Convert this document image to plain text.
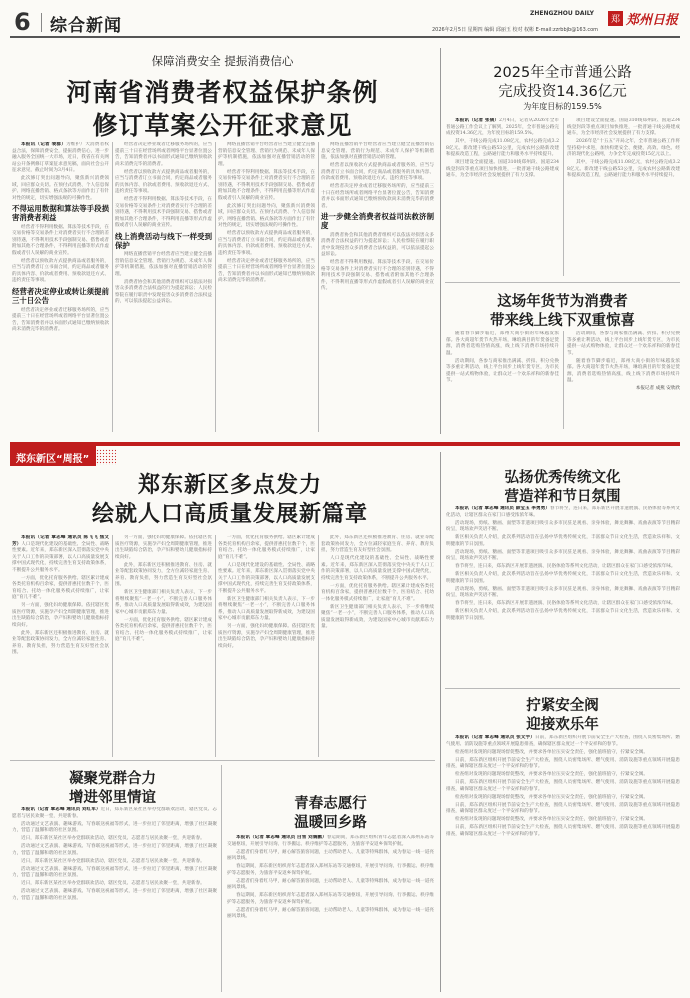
6 综合新闻
ZHENGZHOU DAILY
郑 郑州日报
2026年2月5日 星期四 编辑 邱丽玉 校对 权彬 E-mail:zzrbbjb@163.com
保障消费安全 提振消费信心
河南省消费者权益保护条例
修订草案公开征求意见

本报讯（记者 裴群）为维护广大消费者权益合法，保障消费安全，提振消费信心，进一步融入服务全国统一大市场，近日，我省在有关网站公开条例修订草案征求意见稿，面向社会公开征求意见，截止时间为3月4日。

此次修订突出问题导向，聚焦新兴消费领域，回应群众关切。在预付式消费、个人信息保护、网络直播营销、格式条款等方面作出了有针对性的规定，切实增强法规的可操作性。

不得运用数据和算法等手段损害消费者利益

经营者不得利用数据、算法等技术手段，在交易价格等交易条件上对消费者实行不合理的差别待遇，不得利用技术手段强制交易、搭售或者附加其他不合理条件，不得利用直播等形式作虚假或者引人误解的商业宣传。

经营者以预收款方式提供商品或者服务的，应当与消费者订立书面合同，约定商品或者服务的具体内容、价款或者费用、预收款退还方式、违约责任等事项。

经营者决定停业或转让须提前三十日公告

经营者决定停业或者迁移服务场所的，应当提前三十日在经营场所或者网络平台显著位置公告，告知消费者并以书面形式通知已缴纳预收款尚未消费完毕的消费者。

经营者决定停业或者迁移服务场所的，应当提前三十日在经营场所或者网络平台显著位置公告，告知消费者并以书面形式通知已缴纳预收款尚未消费完毕的消费者。

经营者以预收款方式提供商品或者服务的，应当与消费者订立书面合同，约定商品或者服务的具体内容、价款或者费用、预收款退还方式、违约责任等事项。

经营者不得利用数据、算法等技术手段，在交易价格等交易条件上对消费者实行不合理的差别待遇，不得利用技术手段强制交易、搭售或者附加其他不合理条件，不得利用直播等形式作虚假或者引人误解的商业宣传。

线上消费活动与线下一样受到保护

网络直播营销平台经营者应当建立健全直播营销信息安全管理、营销行为规范、未成年人保护等机制措施，依法加强对直播营销活动的管理。

消费者协会和其他消费者组织可以依法对损害众多消费者合法权益的行为提起诉讼；人民检察院在履行职责中发现侵害众多消费者合法权益的，可以依法提起公益诉讼。

网络直播营销平台经营者应当建立健全直播营销信息安全管理、营销行为规范、未成年人保护等机制措施，依法加强对直播营销活动的管理。

经营者不得利用数据、算法等技术手段，在交易价格等交易条件上对消费者实行不合理的差别待遇，不得利用技术手段强制交易、搭售或者附加其他不合理条件，不得利用直播等形式作虚假或者引人误解的商业宣传。

此次修订突出问题导向，聚焦新兴消费领域，回应群众关切。在预付式消费、个人信息保护、网络直播营销、格式条款等方面作出了有针对性的规定，切实增强法规的可操作性。

经营者以预收款方式提供商品或者服务的，应当与消费者订立书面合同，约定商品或者服务的具体内容、价款或者费用、预收款退还方式、违约责任等事项。

经营者决定停业或者迁移服务场所的，应当提前三十日在经营场所或者网络平台显著位置公告，告知消费者并以书面形式通知已缴纳预收款尚未消费完毕的消费者。

网络直播营销平台经营者应当建立健全直播营销信息安全管理、营销行为规范、未成年人保护等机制措施，依法加强对直播营销活动的管理。

经营者以预收款方式提供商品或者服务的，应当与消费者订立书面合同，约定商品或者服务的具体内容、价款或者费用、预收款退还方式、违约责任等事项。

经营者决定停业或者迁移服务场所的，应当提前三十日在经营场所或者网络平台显著位置公告，告知消费者并以书面形式通知已缴纳预收款尚未消费完毕的消费者。

进一步健全消费者权益司法救济制度

消费者协会和其他消费者组织可以依法对损害众多消费者合法权益的行为提起诉讼；人民检察院在履行职责中发现侵害众多消费者合法权益的，可以依法提起公益诉讼。

经营者不得利用数据、算法等技术手段，在交易价格等交易条件上对消费者实行不合理的差别待遇，不得利用技术手段强制交易、搭售或者附加其他不合理条件，不得利用直播等形式作虚假或者引人误解的商业宣传。

2025年全市普通公路
完成投资14.36亿元
为年度目标的159.5%

本报讯（记者 张倩）2月4日，记者从2026年全市普通公路工作会议上了解到，2025年，全市普通公路完成投资14.36亿元，为年度目标的159.5%。

其中，干线公路完成11.08亿元，农村公路完成3.28亿元。新改建干线公路53公里，完成农村公路新改建和提质改造工程，公路通行能力和服务水平持续提升。

项目建设全面提速。国道310线郑州段、国道234线登封段等重点项目加快推进，一批普通干线公路建成通车，为全市经济社会发展提供了有力支撑。

项目建设全面提速。国道310线郑州段、国道234线登封段等重点项目加快推进，一批普通干线公路建成通车，为全市经济社会发展提供了有力支撑。

2026年是“十五五”开局之年，全市普通公路工作将坚持稳中求进，加快构建安全、便捷、高效、绿色、经济的现代化公路网，力争全年完成投资15亿元以上。

其中，干线公路完成11.08亿元，农村公路完成3.28亿元。新改建干线公路53公里，完成农村公路新改建和提质改造工程，公路通行能力和服务水平持续提升。

这场年货节为消费者
带来线上线下双重惊喜

随着春节脚步临近，郑州大商小街的年味越发浓郁。各大商超年货节火热开场，琳琅满目的年货备足货源，消费者选购热情高涨，线上线下消费市场持续升温。

活动期间，各参与商家推出满减、折扣、积分兑换等多重让利活动，线上平台同步上线年货专区，为市民提供一站式购物体验，让群众过一个欢乐祥和的新春佳节。

活动期间，各参与商家推出满减、折扣、积分兑换等多重让利活动，线上平台同步上线年货专区，为市民提供一站式购物体验，让群众过一个欢乐祥和的新春佳节。

随着春节脚步临近，郑州大商小街的年味越发浓郁。各大商超年货节火热开场，琳琅满目的年货备足货源，消费者选购热情高涨，线上线下消费市场持续升温。

本报记者 成燕 安欣欣

郑东新区“周报”
郑东新区多点发力
绘就人口高质量发展新篇章

本报讯（记者 覃志峰 通讯员 陈飞飞 焦文芳）人口是现代化建设的基础性、全局性、战略性要素。近年来，郑东新区深入贯彻落实党中央关于人口工作的决策部署，以人口高质量发展支撑中国式现代化，持续完善生育支持政策体系，不断提升公共服务水平。

一方面，优化托育服务供给。辖区累计建成各类托育机构百余家，提供普惠托位数千个，医育结合、托幼一体化服务模式持续推广，让家庭“育儿不难”。

另一方面，强化妇幼健康保障。依托辖区优质医疗资源，实施孕产妇全周期健康管理，推进出生缺陷综合防治，孕产妇和婴幼儿健康指标持续向好。

此外，郑东新区还积极推进教育、住房、就业等配套政策协同发力，全方位减轻家庭生育、养育、教育负担，努力营造生育友好型社会氛围。

另一方面，强化妇幼健康保障。依托辖区优质医疗资源，实施孕产妇全周期健康管理，推进出生缺陷综合防治，孕产妇和婴幼儿健康指标持续向好。

此外，郑东新区还积极推进教育、住房、就业等配套政策协同发力，全方位减轻家庭生育、养育、教育负担，努力营造生育友好型社会氛围。

新区卫生健康部门相关负责人表示，下一步将继续聚焦“一老一小”，不断完善人口服务体系，推动人口高质量发展取得新成效，为建设国家中心城市贡献郑东力量。

一方面，优化托育服务供给。辖区累计建成各类托育机构百余家，提供普惠托位数千个，医育结合、托幼一体化服务模式持续推广，让家庭“育儿不难”。

一方面，优化托育服务供给。辖区累计建成各类托育机构百余家，提供普惠托位数千个，医育结合、托幼一体化服务模式持续推广，让家庭“育儿不难”。

人口是现代化建设的基础性、全局性、战略性要素。近年来，郑东新区深入贯彻落实党中央关于人口工作的决策部署，以人口高质量发展支撑中国式现代化，持续完善生育支持政策体系，不断提升公共服务水平。

新区卫生健康部门相关负责人表示，下一步将继续聚焦“一老一小”，不断完善人口服务体系，推动人口高质量发展取得新成效，为建设国家中心城市贡献郑东力量。

另一方面，强化妇幼健康保障。依托辖区优质医疗资源，实施孕产妇全周期健康管理，推进出生缺陷综合防治，孕产妇和婴幼儿健康指标持续向好。

此外，郑东新区还积极推进教育、住房、就业等配套政策协同发力，全方位减轻家庭生育、养育、教育负担，努力营造生育友好型社会氛围。

人口是现代化建设的基础性、全局性、战略性要素。近年来，郑东新区深入贯彻落实党中央关于人口工作的决策部署，以人口高质量发展支撑中国式现代化，持续完善生育支持政策体系，不断提升公共服务水平。

一方面，优化托育服务供给。辖区累计建成各类托育机构百余家，提供普惠托位数千个，医育结合、托幼一体化服务模式持续推广，让家庭“育儿不难”。

新区卫生健康部门相关负责人表示，下一步将继续聚焦“一老一小”，不断完善人口服务体系，推动人口高质量发展取得新成效，为建设国家中心城市贡献郑东力量。

弘扬优秀传统文化
营造祥和节日氛围

本报讯（记者 覃志峰 通讯员 薛宝玉 李勇勇）春节将至，连日来，郑东新区开展非遗展演、民俗体验等系列文化活动，让辖区群众在家门口感受浓浓年味。

活动现场，剪纸、糖画、面塑等非遗项目吸引众多市民驻足观看、亲身体验，舞龙舞狮、戏曲表演等节目精彩纷呈，现场欢声笑语不断。

新区相关负责人介绍，此次系列活动旨在弘扬中华优秀传统文化，丰富群众节日文化生活，营造欢乐祥和、文明健康的节日氛围。

活动现场，剪纸、糖画、面塑等非遗项目吸引众多市民驻足观看、亲身体验，舞龙舞狮、戏曲表演等节目精彩纷呈，现场欢声笑语不断。

春节将至，连日来，郑东新区开展非遗展演、民俗体验等系列文化活动，让辖区群众在家门口感受浓浓年味。

新区相关负责人介绍，此次系列活动旨在弘扬中华优秀传统文化，丰富群众节日文化生活，营造欢乐祥和、文明健康的节日氛围。

活动现场，剪纸、糖画、面塑等非遗项目吸引众多市民驻足观看、亲身体验，舞龙舞狮、戏曲表演等节目精彩纷呈，现场欢声笑语不断。

春节将至，连日来，郑东新区开展非遗展演、民俗体验等系列文化活动，让辖区群众在家门口感受浓浓年味。

新区相关负责人介绍，此次系列活动旨在弘扬中华优秀传统文化，丰富群众节日文化生活，营造欢乐祥和、文明健康的节日氛围。

凝聚党群合力
增进邻里情谊

本报讯（记者 覃志峰 通讯员 刘红军）近日，郑东新区某社区举办党群联欢活动，辖区党员、志愿者与居民欢聚一堂，共迎新春。

活动通过文艺表演、趣味游戏、写春联送祝福等形式，进一步拉近了邻里距离，增强了社区凝聚力，营造了温馨和谐的社区氛围。

近日，郑东新区某社区举办党群联欢活动，辖区党员、志愿者与居民欢聚一堂，共迎新春。

活动通过文艺表演、趣味游戏、写春联送祝福等形式，进一步拉近了邻里距离，增强了社区凝聚力，营造了温馨和谐的社区氛围。

近日，郑东新区某社区举办党群联欢活动，辖区党员、志愿者与居民欢聚一堂，共迎新春。

活动通过文艺表演、趣味游戏、写春联送祝福等形式，进一步拉近了邻里距离，增强了社区凝聚力，营造了温馨和谐的社区氛围。

近日，郑东新区某社区举办党群联欢活动，辖区党员、志愿者与居民欢聚一堂，共迎新春。

活动通过文艺表演、趣味游戏、写春联送祝福等形式，进一步拉近了邻里距离，增强了社区凝聚力，营造了温馨和谐的社区氛围。

青春志愿行
温暖回乡路

本报讯（记者 覃志峰 通讯员 白雪 刘婧鹏）春运期间，郑东新区组织青年志愿者深入郑州东站等交通枢纽，开展引导问询、行李搬运、秩序维护等志愿服务，为旅客平安返乡保驾护航。

志愿者们身着红马甲，耐心解答旅客问题，主动帮助老人、儿童等特殊群体，成为春运一线一道亮丽风景线。

春运期间，郑东新区组织青年志愿者深入郑州东站等交通枢纽，开展引导问询、行李搬运、秩序维护等志愿服务，为旅客平安返乡保驾护航。

志愿者们身着红马甲，耐心解答旅客问题，主动帮助老人、儿童等特殊群体，成为春运一线一道亮丽风景线。

春运期间，郑东新区组织青年志愿者深入郑州东站等交通枢纽，开展引导问询、行李搬运、秩序维护等志愿服务，为旅客平安返乡保驾护航。

志愿者们身着红马甲，耐心解答旅客问题，主动帮助老人、儿童等特殊群体，成为春运一线一道亮丽风景线。

拧紧安全阀
迎接欢乐年

本报讯（记者 覃志峰 通讯员 张文宇）日前，郑东新区组织开展节前安全生产大检查，围绕人员密集场所、燃气使用、消防设施等重点领域开展隐患排查，确保辖区群众度过一个平安祥和的春节。

检查组对发现的问题现场督促整改，并要求各单位压实安全责任，强化值班值守，拧紧安全阀。

日前，郑东新区组织开展节前安全生产大检查，围绕人员密集场所、燃气使用、消防设施等重点领域开展隐患排查，确保辖区群众度过一个平安祥和的春节。

检查组对发现的问题现场督促整改，并要求各单位压实安全责任，强化值班值守，拧紧安全阀。

日前，郑东新区组织开展节前安全生产大检查，围绕人员密集场所、燃气使用、消防设施等重点领域开展隐患排查，确保辖区群众度过一个平安祥和的春节。

检查组对发现的问题现场督促整改，并要求各单位压实安全责任，强化值班值守，拧紧安全阀。

日前，郑东新区组织开展节前安全生产大检查，围绕人员密集场所、燃气使用、消防设施等重点领域开展隐患排查，确保辖区群众度过一个平安祥和的春节。

检查组对发现的问题现场督促整改，并要求各单位压实安全责任，强化值班值守，拧紧安全阀。

日前，郑东新区组织开展节前安全生产大检查，围绕人员密集场所、燃气使用、消防设施等重点领域开展隐患排查，确保辖区群众度过一个平安祥和的春节。
